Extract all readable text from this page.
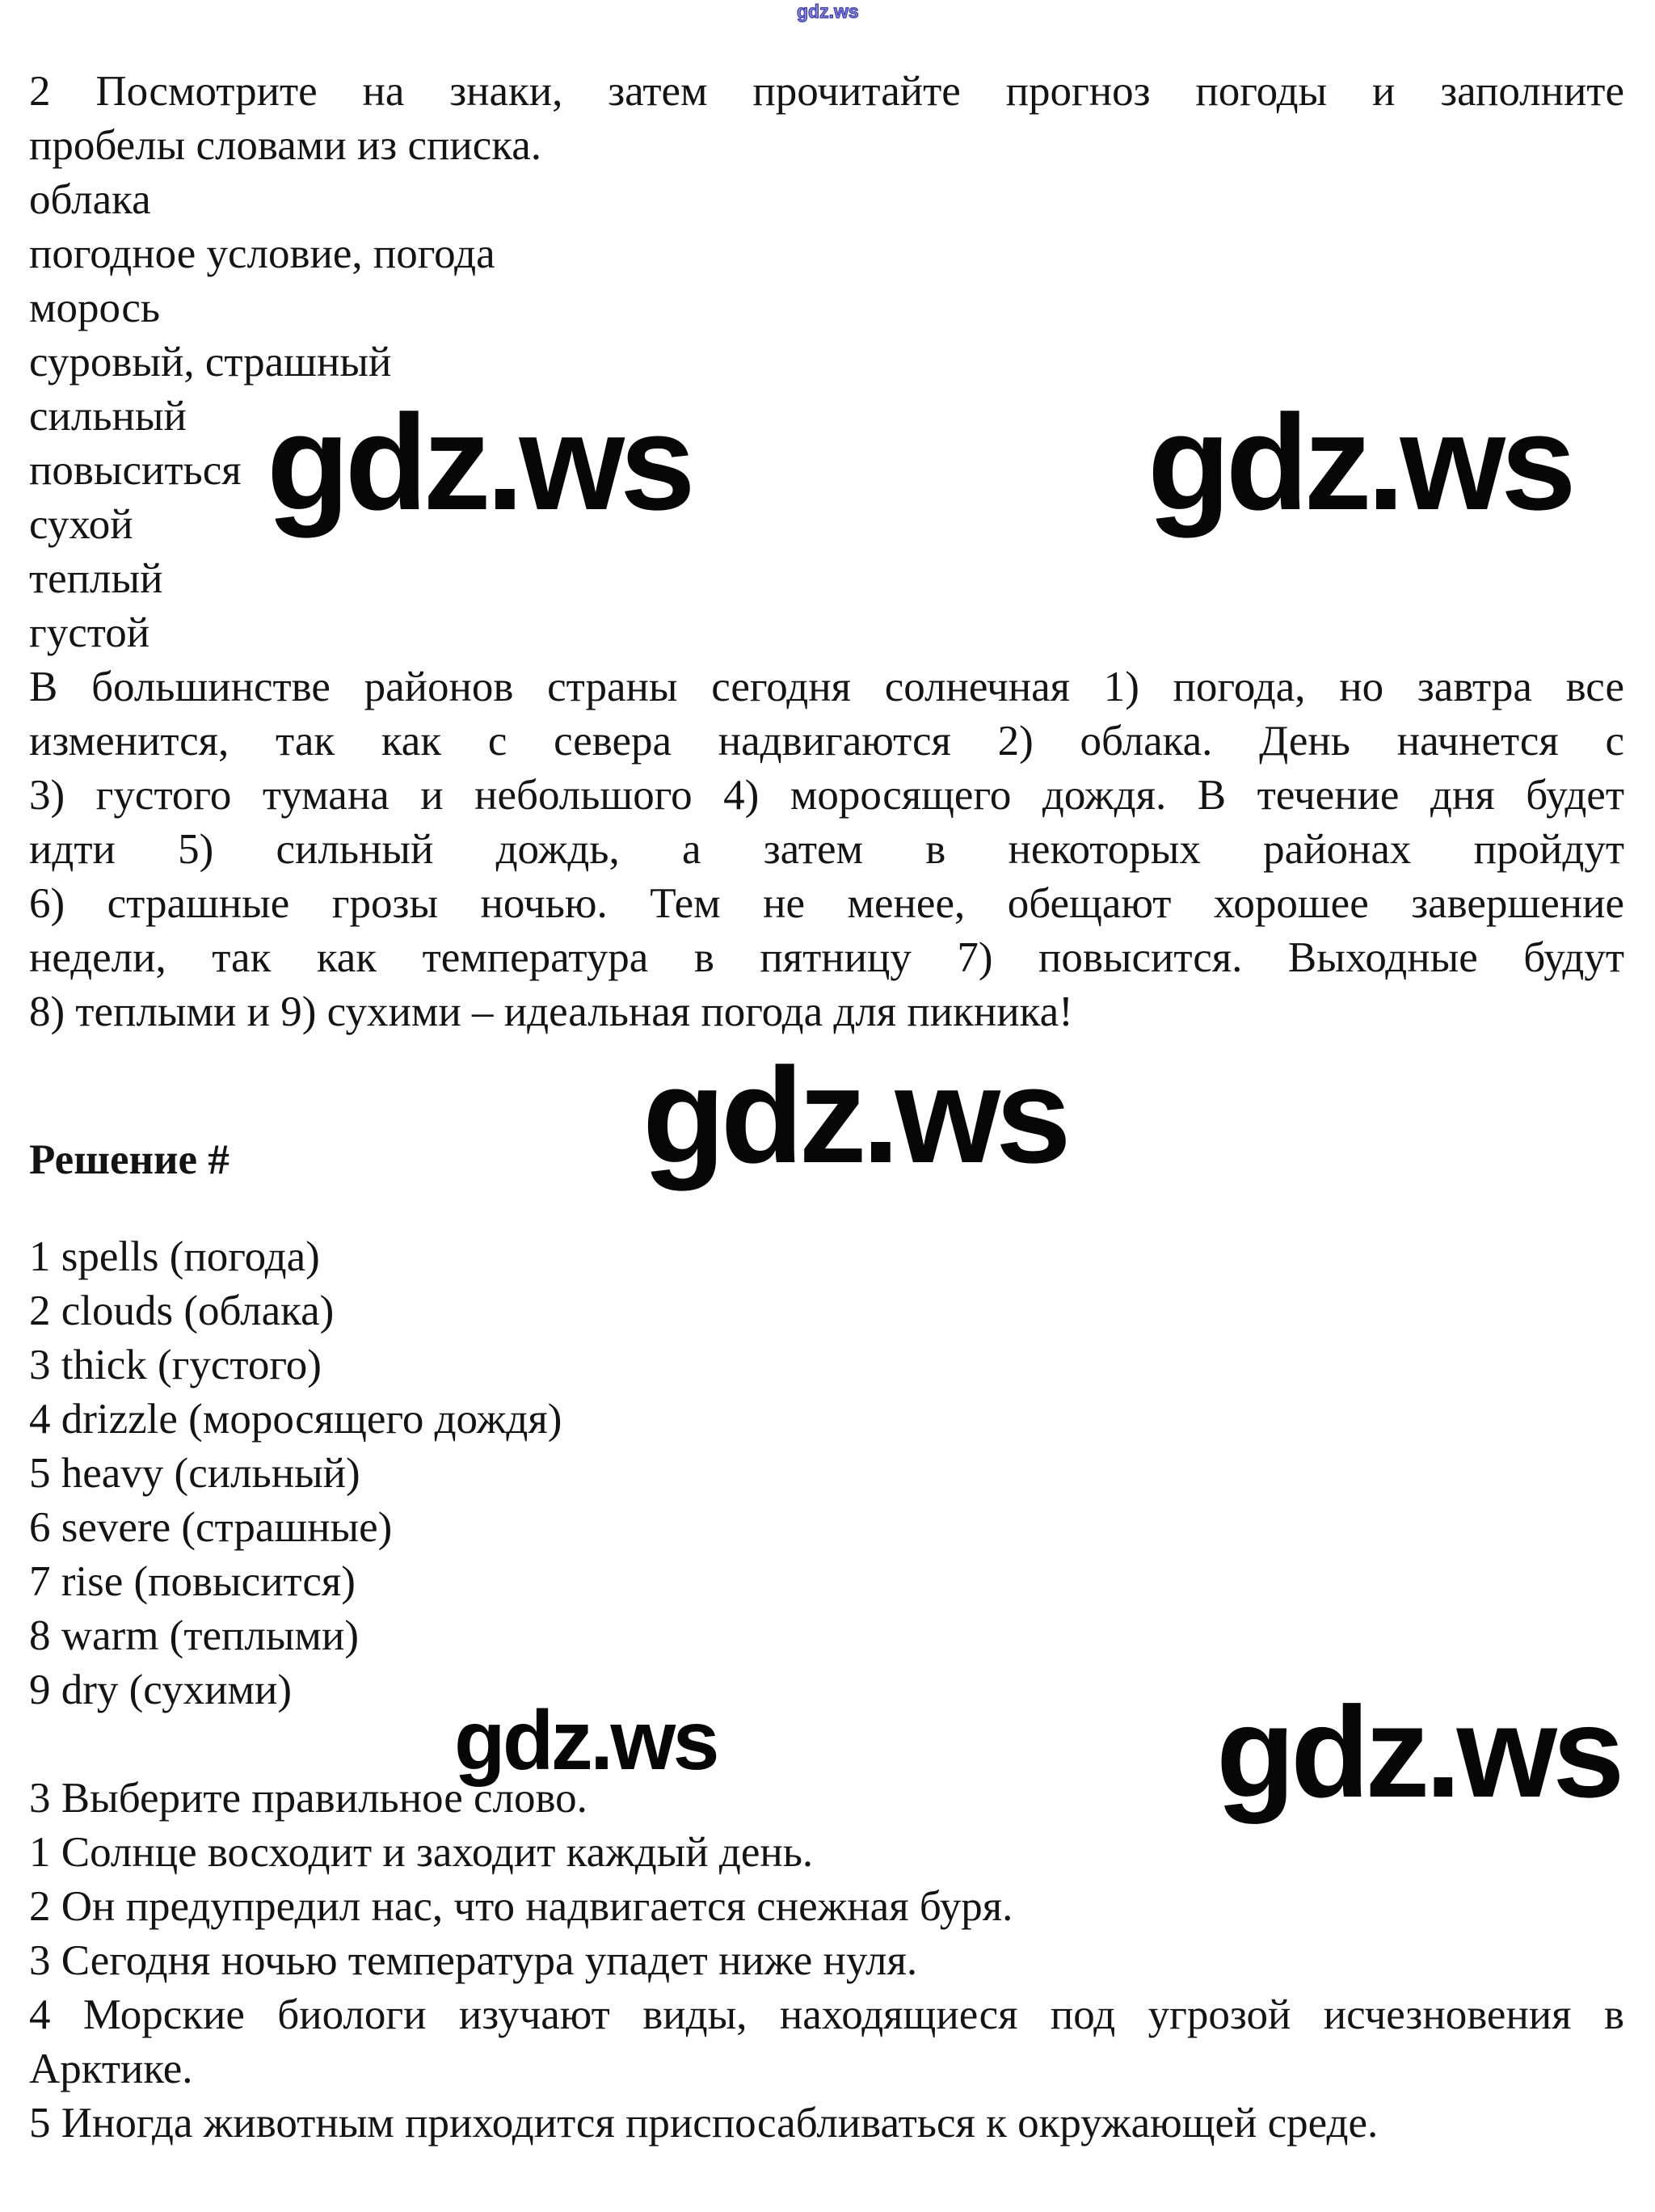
gdz.ws
gdz.ws	gdz.ws
gdz.ws
gdz.ws	gdz.ws
2 Посмотрите на знаки, затем прочитайте прогноз погоды и заполните
пробелы словами из списка.
облака
погодное условие, погода
морось
суровый, страшный
сильный
повыситься
сухой
теплый
густой
В большинстве районов страны сегодня солнечная 1) погода, но завтра все
изменится, так как с севера надвигаются 2) облака. День начнется с
3) густого тумана и небольшого 4) моросящего дождя. В течение дня будет
идти 5) сильный дождь, а затем в некоторых районах пройдут
6) страшные грозы ночью. Тем не менее, обещают хорошее завершение
недели, так как температура в пятницу 7) повысится. Выходные будут
8) теплыми и 9) сухими – идеальная погода для пикника!
Решение #
1 spells (погода)
2 clouds (облака)
3 thick (густого)
4 drizzle (моросящего дождя)
5 heavy (сильный)
6 severe (страшные)
7 rise (повысится)
8 warm (теплыми)
9 dry (сухими)
3 Выберите правильное слово.
1 Солнце восходит и заходит каждый день.
2 Он предупредил нас, что надвигается снежная буря.
3 Сегодня ночью температура упадет ниже нуля.
4 Морские биологи изучают виды, находящиеся под угрозой исчезновения в
Арктике.
5 Иногда животным приходится приспосабливаться к окружающей среде.
